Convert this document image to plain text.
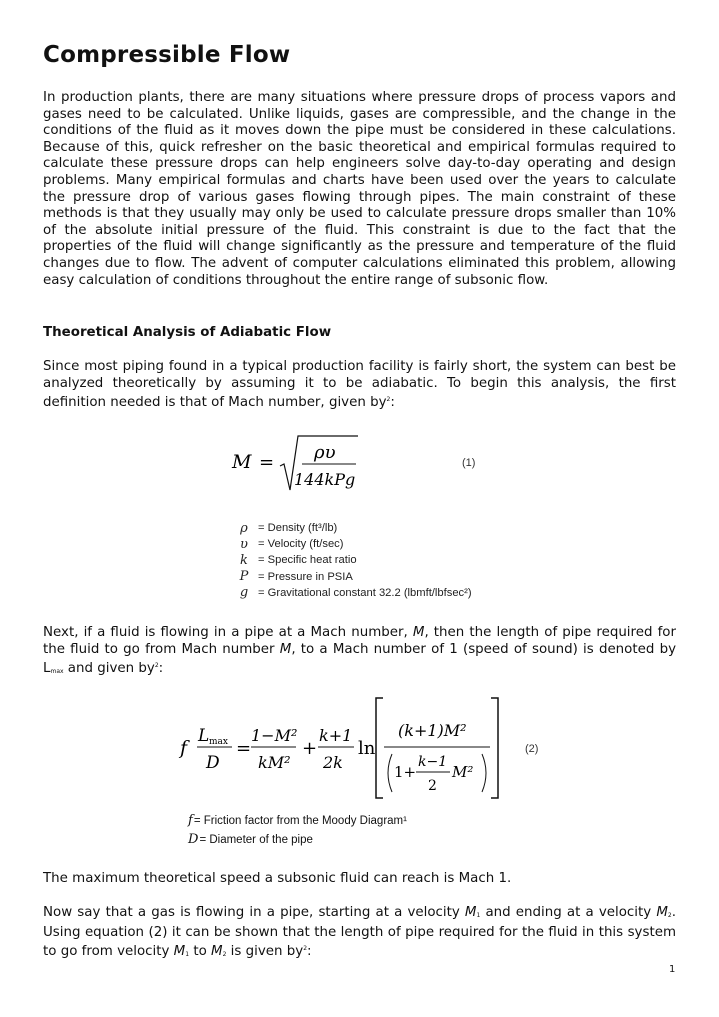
Compressible Flow

In production plants, there are many situations where pressure drops of process vapors and gases need to be calculated. Unlike liquids, gases are compressible, and the change in the conditions of the fluid as it moves down the pipe must be considered in these calculations. Because of this, quick refresher on the basic theoretical and empirical formulas required to calculate these pressure drops can help engineers solve day-to-day operating and design problems. Many empirical formulas and charts have been used over the years to calculate the pressure drop of various gases flowing through pipes. The main constraint of these methods is that they usually may only be used to calculate pressure drops smaller than 10% of the absolute initial pressure of the fluid. This constraint is due to the fact that the properties of the fluid will change significantly as the pressure and temperature of the fluid changes due to flow. The advent of computer calculations eliminated this problem, allowing easy calculation of conditions throughout the entire range of subsonic flow.

Theoretical Analysis of Adiabatic Flow

Since most piping found in a typical production facility is fairly short, the system can best be analyzed theoretically by assuming it to be adiabatic. To begin this analysis, the first definition needed is that of Mach number, given $by^2$:

M = ρυ
144kPg
(1)
ρ = Density (ft³/lb)
υ = Velocity (ft/sec)
k = Specific heat ratio
P = Pressure in PSIA
g = Gravitational constant 32.2 (lbmft/lbfsec²)

Next, if a fluid is flowing in a pipe at a Mach number, M, then the length of pipe required for the fluid to go from Mach number M, to a Mach number of 1 (speed of sound) is denoted by $L_{max}$ and given $by^2$:

f
L max
D
=
1−M²
kM²
+
k+1
2k
ln
(k+1)M²
1+
k−1
2
M²
(2)
f = Friction factor from the Moody Diagram¹
D = Diameter of the pipe

The maximum theoretical speed a subsonic fluid can reach is Mach 1.

Now say that a gas is flowing in a pipe, starting at a velocity $M_1$ and ending at a velocity $M_2$. Using equation (2) it can be shown that the length of pipe required for the fluid in this system to go from velocity $M_1$ to $M_2$ is given $by^2$:

1
